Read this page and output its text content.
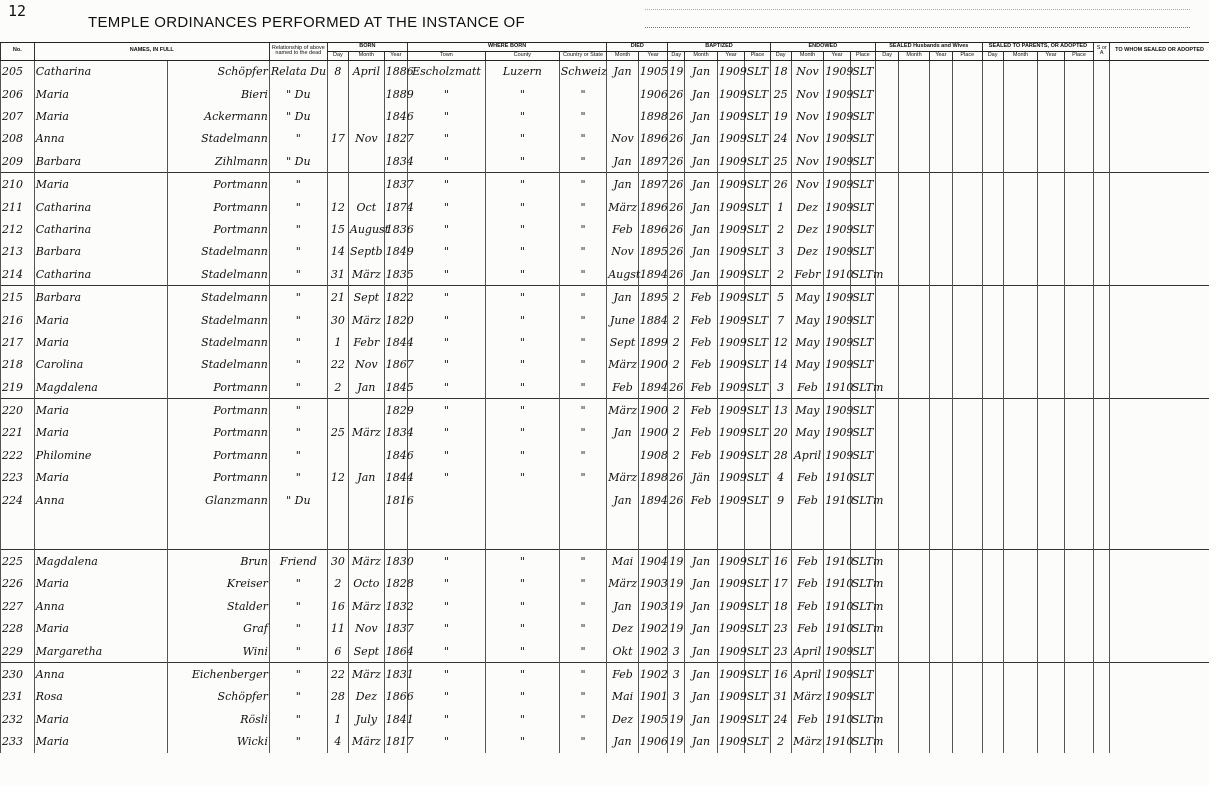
12
TEMPLE ORDINANCES PERFORMED AT THE INSTANCE OF
No.	NAMES, IN FULL		Relationship of above named to the dead	BORN			WHERE BORN			DIED		BAPTIZED				ENDOWED				SEALED Husbands and Wives				SEALED TO PARENTS, OR ADOPTED				S or A	TO WHOM SEALED OR ADOPTED
				Day	Month	Year	Town	County	Country or State	Month	Year	Day	Month	Year	Place	Day	Month	Year	Place	Day	Month	Year	Place	Day	Month	Year	Place		
205	Catharina	Schöpfer	Relata Du	8	April	1886	Escholzmatt	Luzern	Schweiz	Jan	1905	19	Jan	1909	SLT	18	Nov	1909	SLT										
206	Maria	Bieri	" Du			1889	"	"	"		1906	26	Jan	1909	SLT	25	Nov	1909	SLT										
207	Maria	Ackermann	" Du			1846	"	"	"		1898	26	Jan	1909	SLT	19	Nov	1909	SLT										
208	Anna	Stadelmann	"	17	Nov	1827	"	"	"	Nov	1896	26	Jan	1909	SLT	24	Nov	1909	SLT										
209	Barbara	Zihlmann	" Du			1834	"	"	"	Jan	1897	26	Jan	1909	SLT	25	Nov	1909	SLT										
210	Maria	Portmann	"			1837	"	"	"	Jan	1897	26	Jan	1909	SLT	26	Nov	1909	SLT										
211	Catharina	Portmann	"	12	Oct	1874	"	"	"	März	1896	26	Jan	1909	SLT	1	Dez	1909	SLT										
212	Catharina	Portmann	"	15	August	1836	"	"	"	Feb	1896	26	Jan	1909	SLT	2	Dez	1909	SLT										
213	Barbara	Stadelmann	"	14	Septb	1849	"	"	"	Nov	1895	26	Jan	1909	SLT	3	Dez	1909	SLT										
214	Catharina	Stadelmann	"	31	März	1835	"	"	"	Augst	1894	26	Jan	1909	SLT	2	Febr	1910	SLTm										
215	Barbara	Stadelmann	"	21	Sept	1822	"	"	"	Jan	1895	2	Feb	1909	SLT	5	May	1909	SLT										
216	Maria	Stadelmann	"	30	März	1820	"	"	"	June	1884	2	Feb	1909	SLT	7	May	1909	SLT										
217	Maria	Stadelmann	"	1	Febr	1844	"	"	"	Sept	1899	2	Feb	1909	SLT	12	May	1909	SLT										
218	Carolina	Stadelmann	"	22	Nov	1867	"	"	"	März	1900	2	Feb	1909	SLT	14	May	1909	SLT										
219	Magdalena	Portmann	"	2	Jan	1845	"	"	"	Feb	1894	26	Feb	1909	SLT	3	Feb	1910	SLTm										
220	Maria	Portmann	"			1829	"	"	"	März	1900	2	Feb	1909	SLT	13	May	1909	SLT										
221	Maria	Portmann	"	25	März	1834	"	"	"	Jan	1900	2	Feb	1909	SLT	20	May	1909	SLT										
222	Philomine	Portmann	"			1846	"	"	"		1908	2	Feb	1909	SLT	28	April	1909	SLT										
223	Maria	Portmann	"	12	Jan	1844	"	"	"	März	1898	26	Jän	1909	SLT	4	Feb	1910	SLT										
224	Anna	Glanzmann	" Du			1816				Jan	1894	26	Feb	1909	SLT	9	Feb	1910	SLTm										

225	Magdalena	Brun	Friend	30	März	1830	"	"	"	Mai	1904	19	Jan	1909	SLT	16	Feb	1910	SLTm										
226	Maria	Kreiser	"	2	Octo	1828	"	"	"	März	1903	19	Jan	1909	SLT	17	Feb	1910	SLTm										
227	Anna	Stalder	"	16	März	1832	"	"	"	Jan	1903	19	Jan	1909	SLT	18	Feb	1910	SLTm										
228	Maria	Graf	"	11	Nov	1837	"	"	"	Dez	1902	19	Jan	1909	SLT	23	Feb	1910	SLTm										
229	Margaretha	Wini	"	6	Sept	1864	"	"	"	Okt	1902	3	Jan	1909	SLT	23	April	1909	SLT										
230	Anna	Eichenberger	"	22	März	1831	"	"	"	Feb	1902	3	Jan	1909	SLT	16	April	1909	SLT										
231	Rosa	Schöpfer	"	28	Dez	1866	"	"	"	Mai	1901	3	Jan	1909	SLT	31	März	1909	SLT										
232	Maria	Rösli	"	1	July	1841	"	"	"	Dez	1905	19	Jan	1909	SLT	24	Feb	1910	SLTm										
233	Maria	Wicki	"	4	März	1817	"	"	"	Jan	1906	19	Jan	1909	SLT	2	März	1910	SLTm										
